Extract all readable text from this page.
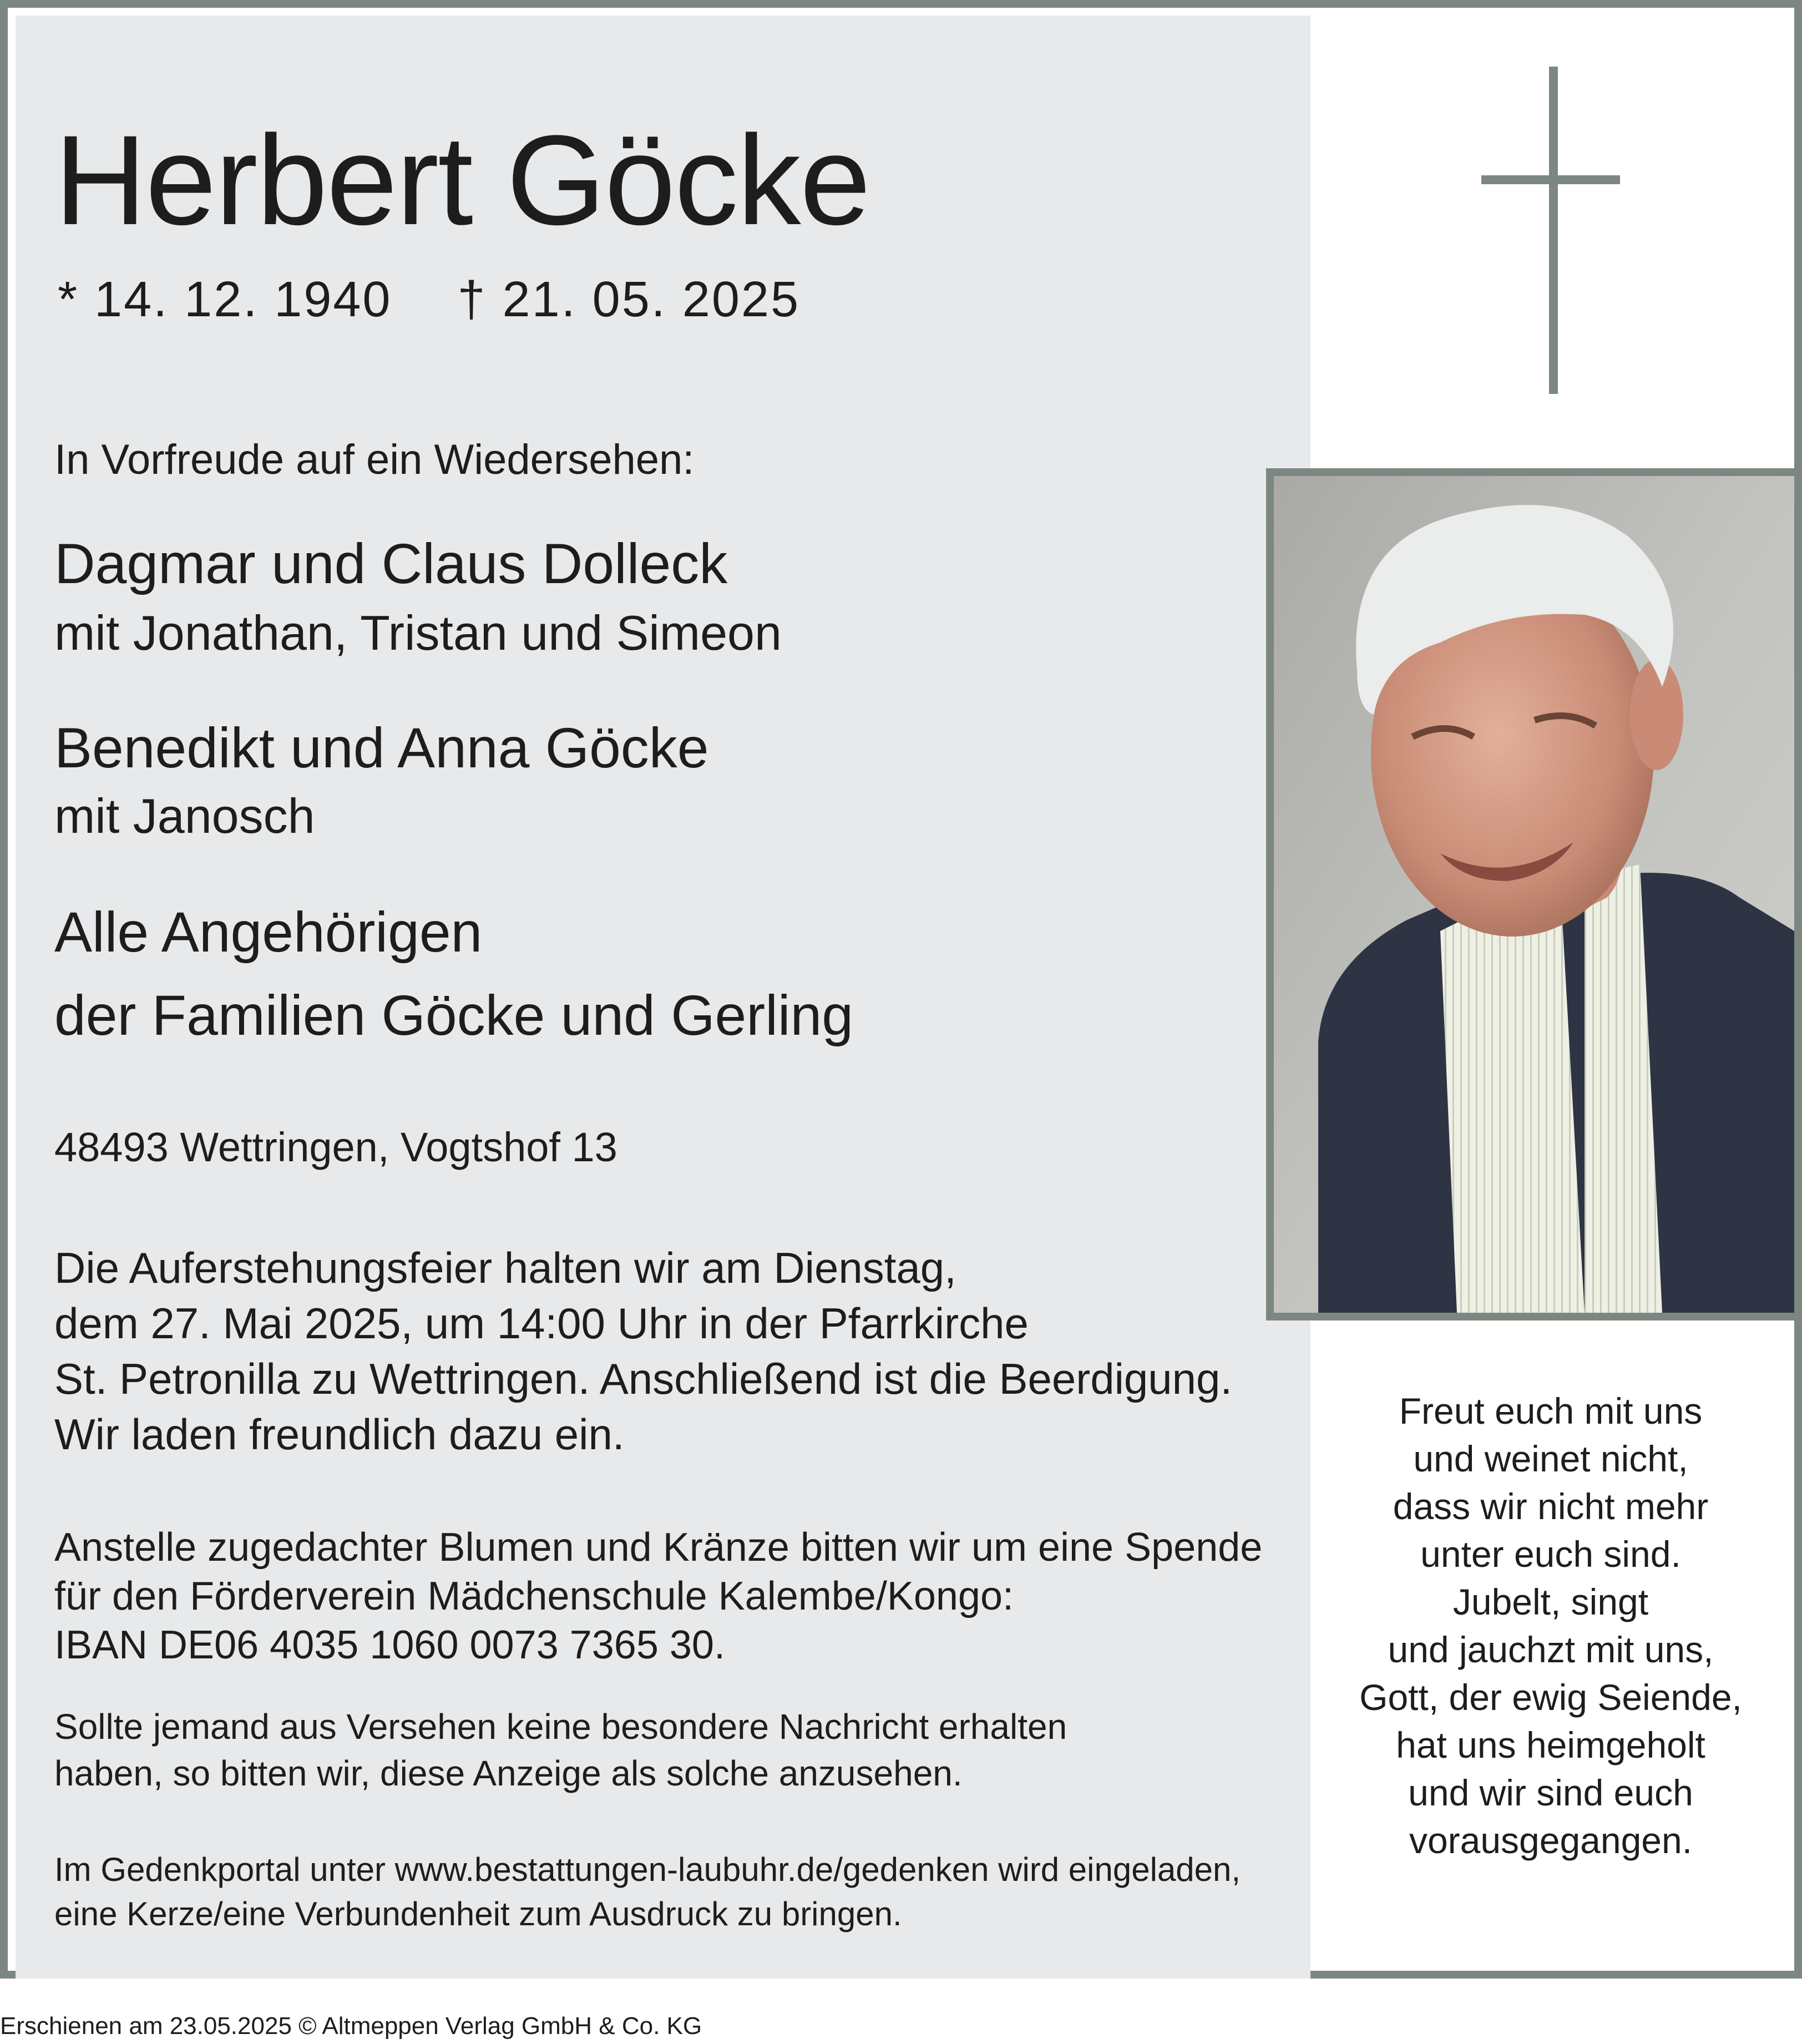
Herbert Göcke
* 14. 12. 1940 † 21. 05. 2025

In Vorfreude auf ein Wiedersehen:

Dagmar und Claus Dolleck

mit Jonathan, Tristan und Simeon

Benedikt und Anna Göcke

mit Janosch

Alle Angehörigen

der Familien Göcke und Gerling

48493 Wettringen, Vogtshof 13

Die Auferstehungsfeier halten wir am Dienstag,
dem 27. Mai 2025, um 14:00 Uhr in der Pfarrkirche
St. Petronilla zu Wettringen. Anschließend ist die Beerdigung.
Wir laden freundlich dazu ein.
Anstelle zugedachter Blumen und Kränze bitten wir um eine Spende
für den Förderverein Mädchenschule Kalembe/Kongo:
IBAN DE06 4035 1060 0073 7365 30.
Sollte jemand aus Versehen keine besondere Nachricht erhalten
haben, so bitten wir, diese Anzeige als solche anzusehen.
Im Gedenkportal unter www.bestattungen-laubuhr.de/gedenken wird eingeladen,
eine Kerze/eine Verbundenheit zum Ausdruck zu bringen.
Freut euch mit uns
und weinet nicht,
dass wir nicht mehr
unter euch sind.
Jubelt, singt
und jauchzt mit uns,
Gott, der ewig Seiende,
hat uns heimgeholt
und wir sind euch
vorausgegangen.
Erschienen am 23.05.2025 © Altmeppen Verlag GmbH & Co. KG
